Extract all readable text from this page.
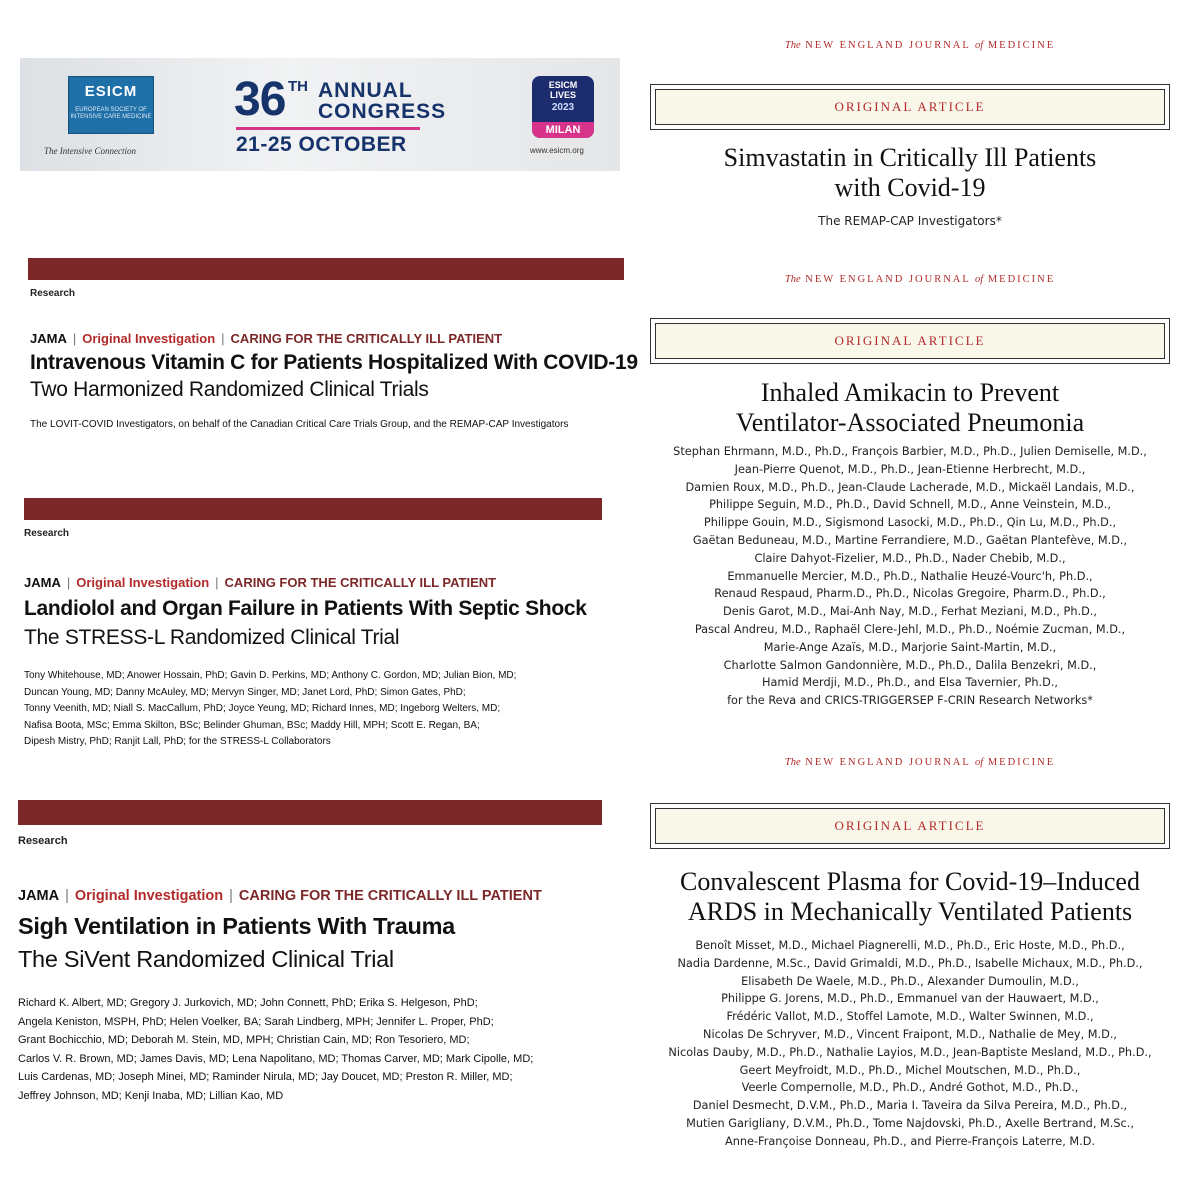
ESICM
EUROPEAN SOCIETY OF INTENSIVE CARE MEDICINE
The Intensive Connection
36 TH ANNUAL
CONGRESS
21-25 OCTOBER
ESICM
LIVES
2023
MILAN
www.esicm.org
Research
JAMA | Original Investigation | CARING FOR THE CRITICALLY ILL PATIENT
Intravenous Vitamin C for Patients Hospitalized With COVID-19
Two Harmonized Randomized Clinical Trials
The LOVIT-COVID Investigators, on behalf of the Canadian Critical Care Trials Group, and the REMAP-CAP Investigators
Research
JAMA | Original Investigation | CARING FOR THE CRITICALLY ILL PATIENT
Landiolol and Organ Failure in Patients With Septic Shock
The STRESS-L Randomized Clinical Trial
Tony Whitehouse, MD; Anower Hossain, PhD; Gavin D. Perkins, MD; Anthony C. Gordon, MD; Julian Bion, MD;
Duncan Young, MD; Danny McAuley, MD; Mervyn Singer, MD; Janet Lord, PhD; Simon Gates, PhD;
Tonny Veenith, MD; Niall S. MacCallum, PhD; Joyce Yeung, MD; Richard Innes, MD; Ingeborg Welters, MD;
Nafisa Boota, MSc; Emma Skilton, BSc; Belinder Ghuman, BSc; Maddy Hill, MPH; Scott E. Regan, BA;
Dipesh Mistry, PhD; Ranjit Lall, PhD; for the STRESS-L Collaborators
Research
JAMA | Original Investigation | CARING FOR THE CRITICALLY ILL PATIENT
Sigh Ventilation in Patients With Trauma
The SiVent Randomized Clinical Trial
Richard K. Albert, MD; Gregory J. Jurkovich, MD; John Connett, PhD; Erika S. Helgeson, PhD;
Angela Keniston, MSPH, PhD; Helen Voelker, BA; Sarah Lindberg, MPH; Jennifer L. Proper, PhD;
Grant Bochicchio, MD; Deborah M. Stein, MD, MPH; Christian Cain, MD; Ron Tesoriero, MD;
Carlos V. R. Brown, MD; James Davis, MD; Lena Napolitano, MD; Thomas Carver, MD; Mark Cipolle, MD;
Luis Cardenas, MD; Joseph Minei, MD; Raminder Nirula, MD; Jay Doucet, MD; Preston R. Miller, MD;
Jeffrey Johnson, MD; Kenji Inaba, MD; Lillian Kao, MD
The NEW ENGLAND JOURNAL of MEDICINE
ORIGINAL ARTICLE
Simvastatin in Critically Ill Patients
with Covid-19
The REMAP-CAP Investigators*
The NEW ENGLAND JOURNAL of MEDICINE
ORIGINAL ARTICLE
Inhaled Amikacin to Prevent
Ventilator-Associated Pneumonia
Stephan Ehrmann, M.D., Ph.D., François Barbier, M.D., Ph.D., Julien Demiselle, M.D.,
Jean-Pierre Quenot, M.D., Ph.D., Jean-Etienne Herbrecht, M.D.,
Damien Roux, M.D., Ph.D., Jean-Claude Lacherade, M.D., Mickaël Landais, M.D.,
Philippe Seguin, M.D., Ph.D., David Schnell, M.D., Anne Veinstein, M.D.,
Philippe Gouin, M.D., Sigismond Lasocki, M.D., Ph.D., Qin Lu, M.D., Ph.D.,
Gaëtan Beduneau, M.D., Martine Ferrandiere, M.D., Gaëtan Plantefève, M.D.,
Claire Dahyot-Fizelier, M.D., Ph.D., Nader Chebib, M.D.,
Emmanuelle Mercier, M.D., Ph.D., Nathalie Heuzé-Vourc'h, Ph.D.,
Renaud Respaud, Pharm.D., Ph.D., Nicolas Gregoire, Pharm.D., Ph.D.,
Denis Garot, M.D., Mai-Anh Nay, M.D., Ferhat Meziani, M.D., Ph.D.,
Pascal Andreu, M.D., Raphaël Clere-Jehl, M.D., Ph.D., Noémie Zucman, M.D.,
Marie-Ange Azaïs, M.D., Marjorie Saint-Martin, M.D.,
Charlotte Salmon Gandonnière, M.D., Ph.D., Dalila Benzekri, M.D.,
Hamid Merdji, M.D., Ph.D., and Elsa Tavernier, Ph.D.,
for the Reva and CRICS-TRIGGERSEP F-CRIN Research Networks*
The NEW ENGLAND JOURNAL of MEDICINE
ORIGINAL ARTICLE
Convalescent Plasma for Covid-19–Induced
ARDS in Mechanically Ventilated Patients
Benoît Misset, M.D., Michael Piagnerelli, M.D., Ph.D., Eric Hoste, M.D., Ph.D.,
Nadia Dardenne, M.Sc., David Grimaldi, M.D., Ph.D., Isabelle Michaux, M.D., Ph.D.,
Elisabeth De Waele, M.D., Ph.D., Alexander Dumoulin, M.D.,
Philippe G. Jorens, M.D., Ph.D., Emmanuel van der Hauwaert, M.D.,
Frédéric Vallot, M.D., Stoffel Lamote, M.D., Walter Swinnen, M.D.,
Nicolas De Schryver, M.D., Vincent Fraipont, M.D., Nathalie de Mey, M.D.,
Nicolas Dauby, M.D., Ph.D., Nathalie Layios, M.D., Jean-Baptiste Mesland, M.D., Ph.D.,
Geert Meyfroidt, M.D., Ph.D., Michel Moutschen, M.D., Ph.D.,
Veerle Compernolle, M.D., Ph.D., André Gothot, M.D., Ph.D.,
Daniel Desmecht, D.V.M., Ph.D., Maria I. Taveira da Silva Pereira, M.D., Ph.D.,
Mutien Garigliany, D.V.M., Ph.D., Tome Najdovski, Ph.D., Axelle Bertrand, M.Sc.,
Anne-Françoise Donneau, Ph.D., and Pierre-François Laterre, M.D.
